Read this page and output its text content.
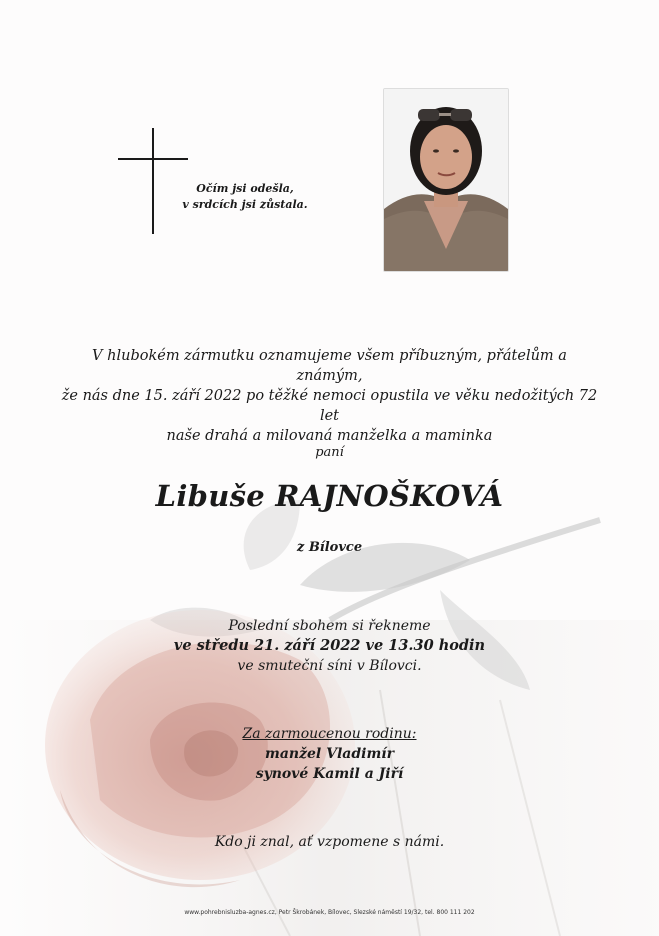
Očím jsi odešla,
v srdcích jsi zůstala.
V hlubokém zármutku oznamujeme všem příbuzným, přátelům a známým,
že nás dne 15. září 2022 po těžké nemoci opustila ve věku nedožitých 72 let
naše drahá a milovaná manželka a maminka
paní
Libuše RAJNOŠKOVÁ
z Bílovce
Poslední sbohem si řekneme
ve středu 21. září 2022 ve 13.30 hodin
ve smuteční síni v Bílovci.
Za zarmoucenou rodinu:
manžel Vladimír
synové Kamil a Jiří
Kdo ji znal, ať vzpomene s námi.
www.pohrebnisluzba-agnes.cz, Petr Škrobánek, Bílovec, Slezské náměstí 19/32, tel. 800 111 202
